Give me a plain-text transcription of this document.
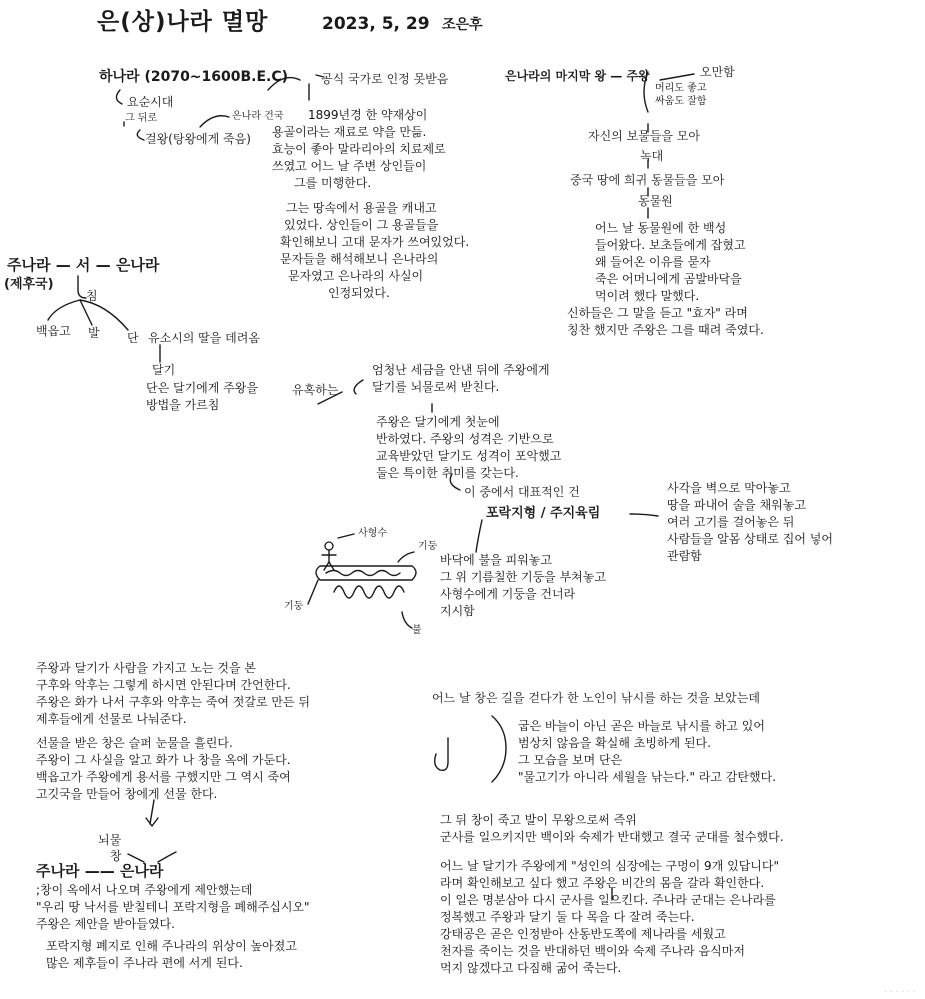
은(상)나라 멸망	2023, 5, 29 조은후
하나라 (2070~1600B.E.C)
요순시대
그 뒤로
걸왕(탕왕에게 죽음)
은나라 건국
공식 국가로 인정 못받음
1899년경 한 약재상이
용골이라는 재료로 약을 만듦.
효능이 좋아 말라리아의 치료제로
쓰였고 어느 날 주변 상인들이
그를 미행한다.
그는 땅속에서 용골을 캐내고
있었다. 상인들이 그 용골들을
확인해보니 고대 문자가 쓰여있었다.
문자들을 해석해보니 은나라의
문자였고 은나라의 사실이
인정되었다.
주나라 — 서 — 은나라
(제후국)
침
백읍고 발 단 유소시의 딸을 데려옴
달기
단은 달기에게 주왕을
방법을 가르침
유혹하는
엄청난 세금을 안낸 뒤에 주왕에게
달기를 뇌물로써 받친다.
주왕은 달기에게 첫눈에
반하였다. 주왕의 성격은 기반으로
교육받았던 달기도 성격이 포악했고
둘은 특이한 취미를 갖는다.
이 중에서 대표적인 건
포락지형 / 주지육림
사각을 벽으로 막아놓고
땅을 파내어 술을 채워놓고
여러 고기를 걸어놓은 뒤
사람들을 알몸 상태로 집어 넣어
관람함
사형수
기둥
기둥
불
바닥에 불을 피워놓고
그 위 기름칠한 기둥을 부쳐놓고
사형수에게 기둥을 건너라
지시함
은나라의 마지막 왕 — 주왕	오만함
머리도 좋고
싸움도 잘함
자신의 보물들을 모아
녹대
중국 땅에 희귀 동물들을 모아
동물원
어느 날 동물원에 한 백성
들어왔다. 보초들에게 잡혔고
왜 들어온 이유를 묻자
죽은 어머니에게 곰발바닥을
먹이려 했다 말했다.
신하들은 그 말을 듣고 "효자" 라며
칭찬 했지만 주왕은 그를 때려 죽였다.
주왕과 달기가 사람을 가지고 노는 것을 본
구후와 악후는 그렇게 하시면 안된다며 간언한다.
주왕은 화가 나서 구후와 악후는 죽여 젓갈로 만든 뒤
제후들에게 선물로 나눠준다.
선물을 받은 창은 슬퍼 눈물을 흘린다.
주왕이 그 사실을 알고 화가 나 창을 옥에 가둔다.
백읍고가 주왕에게 용서를 구했지만 그 역시 죽여
고깃국을 만들어 창에게 선물 한다.
뇌물
창
주나라 —— 은나라
;창이 옥에서 나오며 주왕에게 제안했는데
"우리 땅 낙서를 받칠테니 포락지형을 폐해주십시오"
주왕은 제안을 받아들였다.
포락지형 폐지로 인해 주나라의 위상이 높아졌고
많은 제후들이 주나라 편에 서게 된다.
어느 날 창은 길을 걷다가 한 노인이 낚시를 하는 것을 보았는데
굽은 바늘이 아닌 곧은 바늘로 낚시를 하고 있어
범상치 않음을 확실해 초빙하게 된다.
그 모습을 보며 단은
"물고기가 아니라 세월을 낚는다." 라고 감탄했다.
그 뒤 창이 죽고 발이 무왕으로써 즉위
군사를 일으키지만 백이와 숙제가 반대했고 결국 군대를 철수했다.
어느 날 달기가 주왕에게 "성인의 심장에는 구멍이 9개 있답니다"
라며 확인해보고 싶다 했고 주왕은 비간의 몸을 갈라 확인한다.
이 일은 명분삼아 다시 군사를 일으킨다. 주나라 군대는 은나라를
정복했고 주왕과 달기 둘 다 목을 다 잘려 죽는다.
강태공은 곧은 인정받아 산동반도쪽에 제나라를 세웠고
천자를 죽이는 것을 반대하던 백이와 숙제 주나라 음식마저
먹지 않겠다고 다짐해 굶어 죽는다.
......
